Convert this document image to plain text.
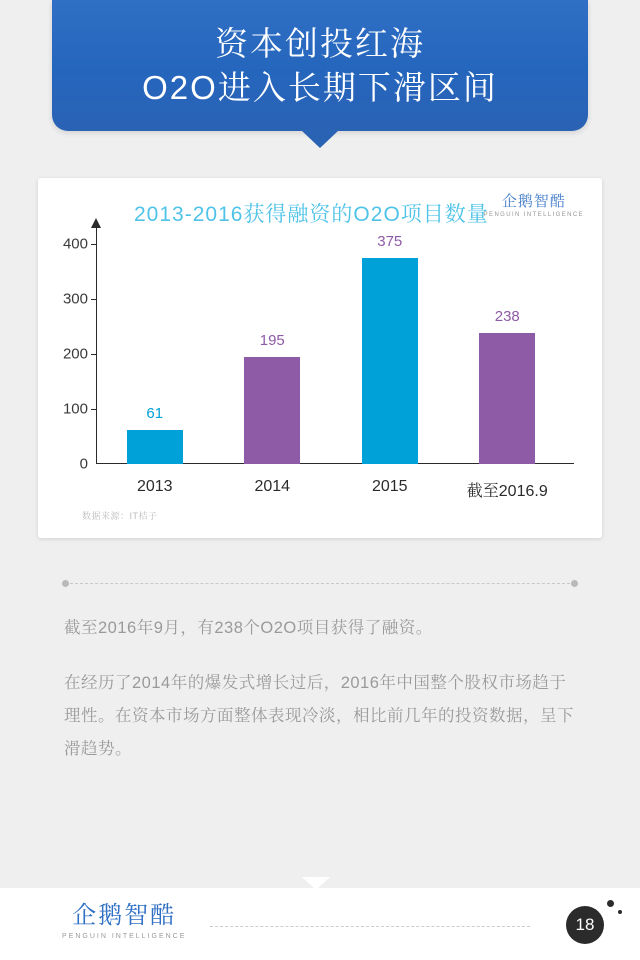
资本创投红海
O2O进入长期下滑区间
2013-2016获得融资的O2O项目数量
企鹅智酷
PENGUIN INTELLIGENCE
0
100
200
300
400
61
2013
195
2014
375
2015
238
截至2016.9
数据来源：IT桔子

截至2016年9月，有238个O2O项目获得了融资。

在经历了2014年的爆发式增长过后，2016年中国整个股权市场趋于理性。在资本市场方面整体表现冷淡，相比前几年的投资数据，呈下滑趋势。

企鹅智酷
PENGUIN INTELLIGENCE
18
